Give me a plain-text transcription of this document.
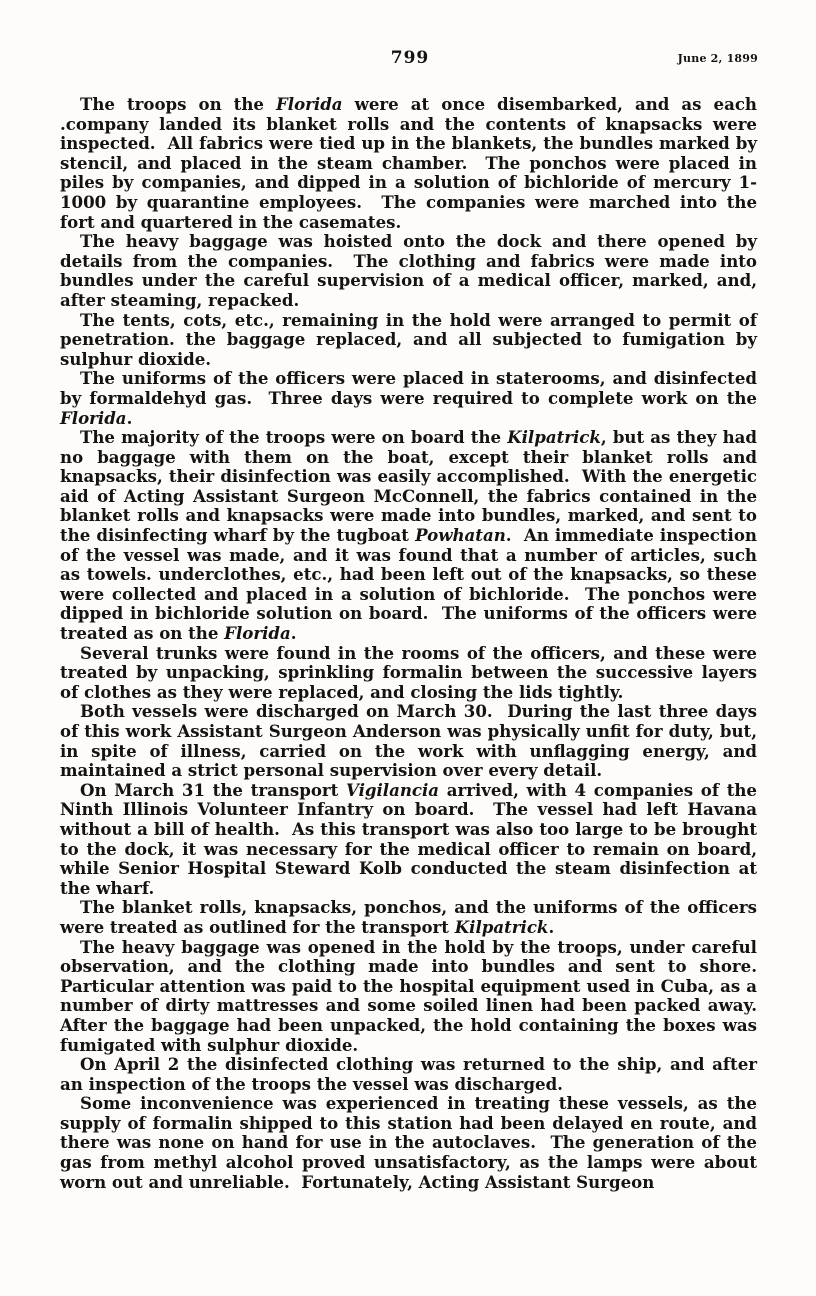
799	June 2, 1899

The troops on the Florida were at once disembarked, and as each .company landed its blanket rolls and the contents of knapsacks were inspected.  All fabrics were tied up in the blankets, the bundles marked by stencil, and placed in the steam chamber.  The ponchos were placed in piles by companies, and dipped in a solution of bichloride of mercury 1-1000 by quarantine employees.  The companies were marched into the fort and quartered in the casemates.

The heavy baggage was hoisted onto the dock and there opened by details from the companies.  The clothing and fabrics were made into bundles under the careful supervision of a medical officer, marked, and, after steaming, repacked.

The tents, cots, etc., remaining in the hold were arranged to permit of penetration. the baggage replaced, and all subjected to fumigation by sulphur dioxide.

The uniforms of the officers were placed in staterooms, and disinfected by formaldehyd gas.  Three days were required to complete work on the Florida.

The majority of the troops were on board the Kilpatrick, but as they had no baggage with them on the boat, except their blanket rolls and knapsacks, their disinfection was easily accomplished.  With the energetic aid of Acting Assistant Surgeon McConnell, the fabrics contained in the blanket rolls and knapsacks were made into bundles, marked, and sent to the disinfecting wharf by the tugboat Powhatan.  An immediate inspection of the vessel was made, and it was found that a number of articles, such as towels. underclothes, etc., had been left out of the knapsacks, so these were collected and placed in a solution of bichloride.  The ponchos were dipped in bichloride solution on board.  The uniforms of the officers were treated as on the Florida.

Several trunks were found in the rooms of the officers, and these were treated by unpacking, sprinkling formalin between the successive layers of clothes as they were replaced, and closing the lids tightly.

Both vessels were discharged on March 30.  During the last three days of this work Assistant Surgeon Anderson was physically unfit for duty, but, in spite of illness, carried on the work with unflagging energy, and maintained a strict personal supervision over every detail.

On March 31 the transport Vigilancia arrived, with 4 companies of the Ninth Illinois Volunteer Infantry on board.  The vessel had left Havana without a bill of health.  As this transport was also too large to be brought to the dock, it was necessary for the medical officer to remain on board, while Senior Hospital Steward Kolb conducted the steam disinfection at the wharf.

The blanket rolls, knapsacks, ponchos, and the uniforms of the officers were treated as outlined for the transport Kilpatrick.

The heavy baggage was opened in the hold by the troops, under careful observation, and the clothing made into bundles and sent to shore.  Particular attention was paid to the hospital equipment used in Cuba, as a number of dirty mattresses and some soiled linen had been packed away.  After the baggage had been unpacked, the hold containing the boxes was fumigated with sulphur dioxide.

On April 2 the disinfected clothing was returned to the ship, and after an inspection of the troops the vessel was discharged.

Some inconvenience was experienced in treating these vessels, as the supply of formalin shipped to this station had been delayed en route, and there was none on hand for use in the autoclaves.  The generation of the gas from methyl alcohol proved unsatisfactory, as the lamps were about worn out and unreliable.  Fortunately, Acting Assistant Surgeon
